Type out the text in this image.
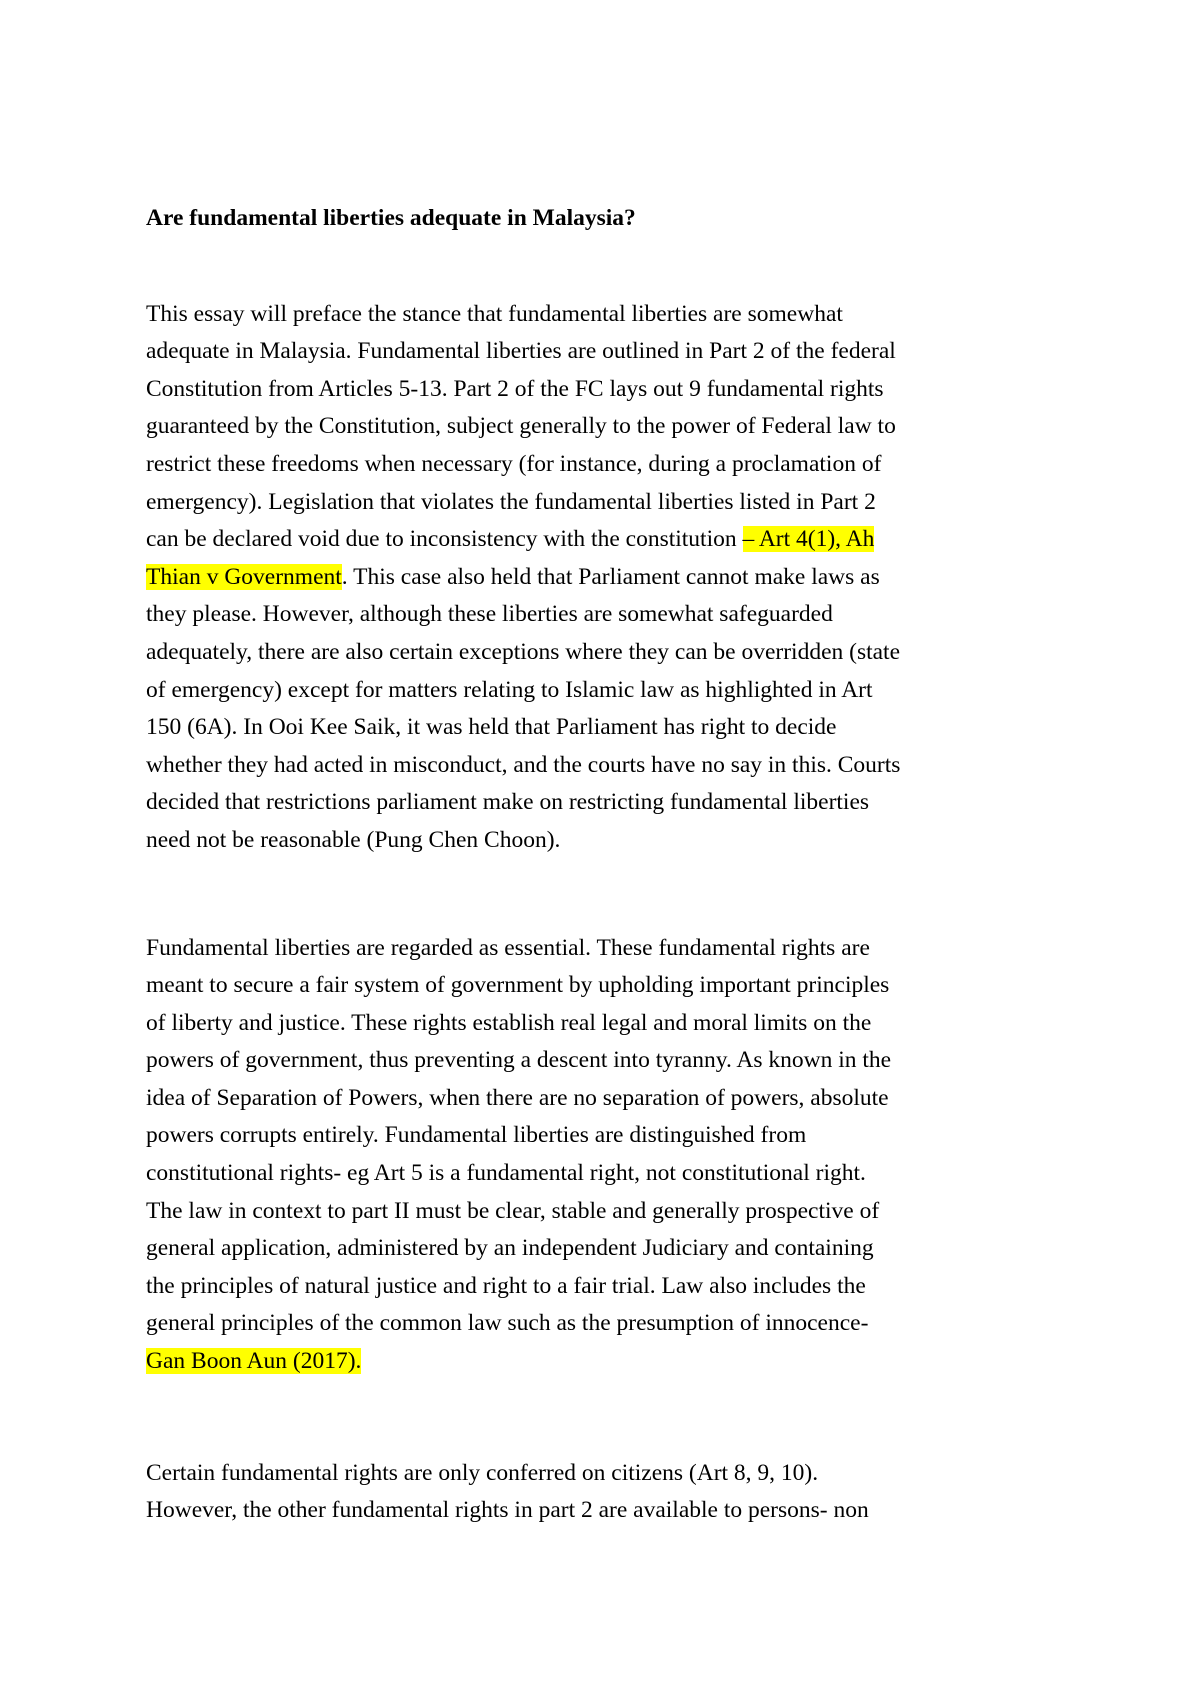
Are fundamental liberties adequate in Malaysia?

This essay will preface the stance that fundamental liberties are somewhat
adequate in Malaysia. Fundamental liberties are outlined in Part 2 of the federal
Constitution from Articles 5-13. Part 2 of the FC lays out 9 fundamental rights
guaranteed by the Constitution, subject generally to the power of Federal law to
restrict these freedoms when necessary (for instance, during a proclamation of
emergency). Legislation that violates the fundamental liberties listed in Part 2
can be declared void due to inconsistency with the constitution – Art 4(1), Ah
Thian v Government. This case also held that Parliament cannot make laws as
they please. However, although these liberties are somewhat safeguarded
adequately, there are also certain exceptions where they can be overridden (state
of emergency) except for matters relating to Islamic law as highlighted in Art
150 (6A). In Ooi Kee Saik, it was held that Parliament has right to decide
whether they had acted in misconduct, and the courts have no say in this. Courts
decided that restrictions parliament make on restricting fundamental liberties
need not be reasonable (Pung Chen Choon).
Fundamental liberties are regarded as essential. These fundamental rights are
meant to secure a fair system of government by upholding important principles
of liberty and justice. These rights establish real legal and moral limits on the
powers of government, thus preventing a descent into tyranny. As known in the
idea of Separation of Powers, when there are no separation of powers, absolute
powers corrupts entirely. Fundamental liberties are distinguished from
constitutional rights- eg Art 5 is a fundamental right, not constitutional right.
The law in context to part II must be clear, stable and generally prospective of
general application, administered by an independent Judiciary and containing
the principles of natural justice and right to a fair trial. Law also includes the
general principles of the common law such as the presumption of innocence-
Gan Boon Aun (2017).
Certain fundamental rights are only conferred on citizens (Art 8, 9, 10).
However, the other fundamental rights in part 2 are available to persons- non
